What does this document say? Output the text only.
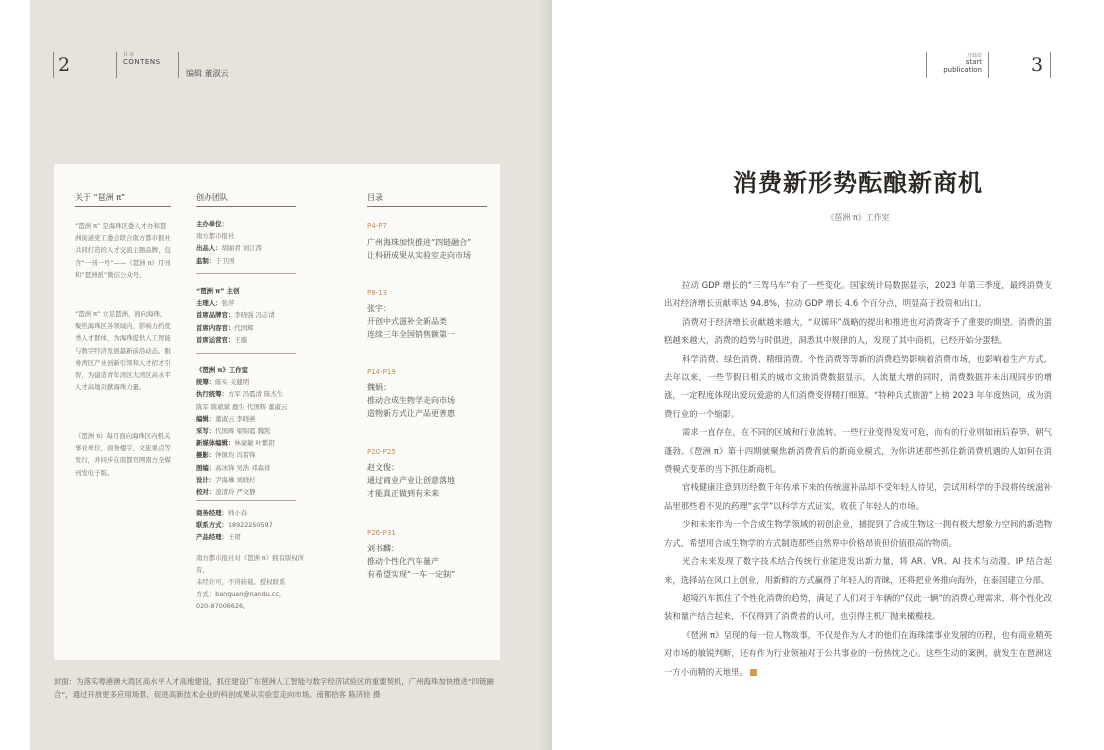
2	目录
CONTENS
编辑 董淑云
关于 “琶洲 π”
“琶洲 π” 是海珠区委人才办和琶洲街道党工委会联合南方都市报社共同打造的人才交流主题品牌，包含“一刊一号”——《琶洲 π》月刊和“琶洲派”微信公众号。
“琶洲 π” 立足琶洲，面向海珠，聚焦海珠区各领域内、影响力约优秀人才群体，为海珠提供人工智能与数字经济发展最新前沿动态、服务湾区产业创新引领和人才招才引智，为建造青年湾区大湾区高水平人才高地贡献海珠力量。
《琶洲 π》每月面向海珠区内机关事业单位、商务楼宇、文旅重点等发行，并同步在南都官网南方全媒刊发电子版。
创办团队
主办单位：
南方都市报社
出品人：胡丽君 刘江涛
监制：于卫国
“琶洲 π” 主创
主理人：张萍
首席品牌官：李晓强 冯志清
首席内容官：代国辉
首席运营官：王璇
《琶洲 π》工作室
统筹：陈实 关健明
执行统筹：方军 冯霞清 陈杰生
陈军 陈斌斌 鹿生 代国辉 董淑云
编辑：董淑云 李晓燕
采写：代国辉 梁锦霞 魏凯
新媒体编辑：林豪敏 叶紫钥
摄影：钟镇均 冯雷锋
图编：高冰锋 吴浩 邓森祥
设计：尹海琳 刘晓杉
校对：凌清玲 严文静
商务经理：师小春
联系方式：18922250597
产品经理：王珺
南方都市报社对《琶洲 π》拥有版权所有，
未经许可，不得转载。授权联系
方式：banquan@nandu.cc，
020-87006626。
目录
P4-P7
广州海珠加快推进“四链融合”
让科研成果从实验室走向市场
P8-13
张宇：
开创中式滋补全新品类
连续三年全国销售额第一
P14-P19
魏娟：
推动合成生物学走向市场
造物新方式让产品更普惠
P20-P25
赵文俊：
通过商业产业让创意落地
才能真正做到有未来
P26-P31
刘书麟：
推动个性化汽车量产
有希望实现“一车一定制”
封面：为落实粤港澳大湾区高水平人才高地建设，抓住建设广东琶洲人工智能与数字经济试验区的重要契机，广州海珠加快推进“四链融合”，通过开放更多应用场景，促进高新技术企业的科创成果从实验室走向市场。南都拾客 陈济铨 摄
开篇语
start
publication	3
消费新形势酝酿新商机
《琶洲 π》工作室

拉动 GDP 增长的“三驾马车”有了一些变化。国家统计局数据显示，2023 年第三季度，最终消费支出对经济增长贡献率达 94.8%，拉动 GDP 增长 4.6 个百分点，明显高于投资和出口。

消费对于经济增长贡献越来越大，“双循环”战略的提出和推进也对消费寄予了重要的期望。消费的蛋糕越来越大，消费的趋势与时俱进，洞悉其中规律的人，发现了其中商机，已经开始分蛋糕。

科学消费、绿色消费、精细消费、个性消费等等新的消费趋势影响着消费市场，也影响着生产方式。去年以来，一些节假日相关的城市文旅消费数据显示，人流量大增的同时，消费数据并未出现同步的增涨，一定程度体现出爱玩爱游的人们消费变得精打细算。“特种兵式旅游”上榜 2023 年年度热词，成为消费行业的一个缩影。

需求一直存在，在不同的区域和行业流转。一些行业变得发发可危，而有的行业则如雨后春笋、朝气蓬勃。《琶洲 π》第十四期就聚焦新消费背后的新商业模式，为你讲述那些抓住新消费机遇的人如何在消费模式变革的当下抓住新商机。

官栈健康注意到历经数千年传承下来的传统滋补品却不受年轻人待见，尝试用科学的手段将传统滋补品里那些看不见的药理“玄学”以科学方式证实，收获了年轻人的市场。

少和未来作为一个合成生物学领域的初创企业，捕捉到了合成生物这一拥有极大想象力空间的新造物方式，希望用合成生物学的方式制造那些自然界中价格昂贵但价值很高的物质。

光合未来发现了数字技术结合传统行业能迸发出新力量，将 AR、VR、AI 技术与动漫、IP 结合起来，选择站在风口上创业，用新鲜的方式赢得了年轻人的青睐，还将把业务推向海外，在泰国建立分部。

超境汽车抓住了个性化消费的趋势，满足了人们对于车辆的“仅此一辆”的消费心理需求，将个性化改装和量产结合起来，不仅得到了消费者的认可，也引得主机厂抛来橄榄枝。

《琶洲 π》呈现的每一位人物故事，不仅是作为人才的他们在海珠漾事业发展的历程，也有商业精英对市场的敏锐判断，还有作为行业领袖对于公共事业的一份热忱之心。这些生动的案例，就发生在琶洲这一方小而精的天地里。
